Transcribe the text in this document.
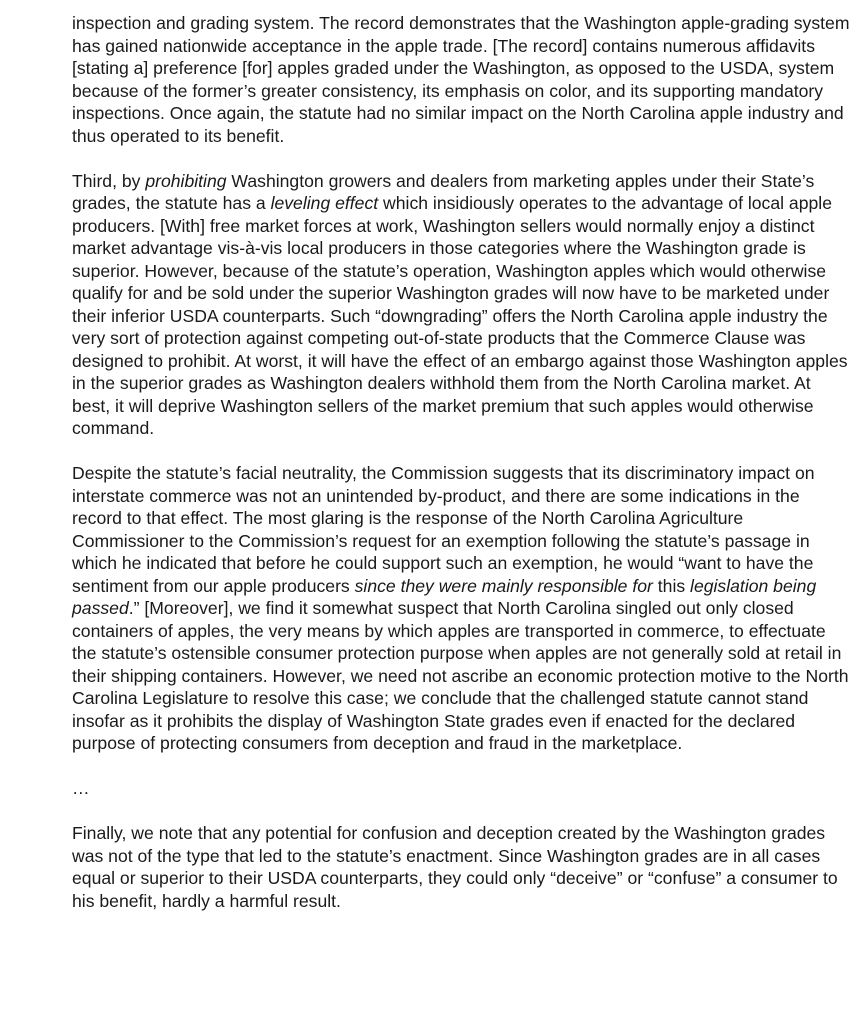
inspection and grading system. The record demonstrates that the Washington apple-grading system has gained nationwide acceptance in the apple trade. [The record] contains numerous affidavits [stating a] preference [for] apples graded under the Washington, as opposed to the USDA, system because of the former’s greater consistency, its emphasis on color, and its supporting mandatory inspections. Once again, the statute had no similar impact on the North Carolina apple industry and thus operated to its benefit.

Third, by prohibiting Washington growers and dealers from marketing apples under their State’s grades, the statute has a leveling effect which insidiously operates to the advantage of local apple producers. [With] free market forces at work, Washington sellers would normally enjoy a distinct market advantage vis-à-vis local producers in those categories where the Washington grade is superior. However, because of the statute’s operation, Washington apples which would otherwise qualify for and be sold under the superior Washington grades will now have to be marketed under their inferior USDA counterparts. Such “downgrading” offers the North Carolina apple industry the very sort of protection against competing out-of-state products that the Commerce Clause was designed to prohibit. At worst, it will have the effect of an embargo against those Washington apples in the superior grades as Washington dealers withhold them from the North Carolina market. At best, it will deprive Washington sellers of the market premium that such apples would otherwise command.

Despite the statute’s facial neutrality, the Commission suggests that its discriminatory impact on interstate commerce was not an unintended by-product, and there are some indications in the record to that effect. The most glaring is the response of the North Carolina Agriculture Commissioner to the Commission’s request for an exemption following the statute’s passage in which he indicated that before he could support such an exemption, he would “want to have the sentiment from our apple producers since they were mainly responsible for this legislation being passed.” [Moreover], we find it somewhat suspect that North Carolina singled out only closed containers of apples, the very means by which apples are transported in commerce, to effectuate the statute’s ostensible consumer protection purpose when apples are not generally sold at retail in their shipping containers. However, we need not ascribe an economic protection motive to the North Carolina Legislature to resolve this case; we conclude that the challenged statute cannot stand insofar as it prohibits the display of Washington State grades even if enacted for the declared purpose of protecting consumers from deception and fraud in the marketplace.

…

Finally, we note that any potential for confusion and deception created by the Washington grades was not of the type that led to the statute’s enactment. Since Washington grades are in all cases equal or superior to their USDA counterparts, they could only “deceive” or “confuse” a consumer to his benefit, hardly a harmful result.
